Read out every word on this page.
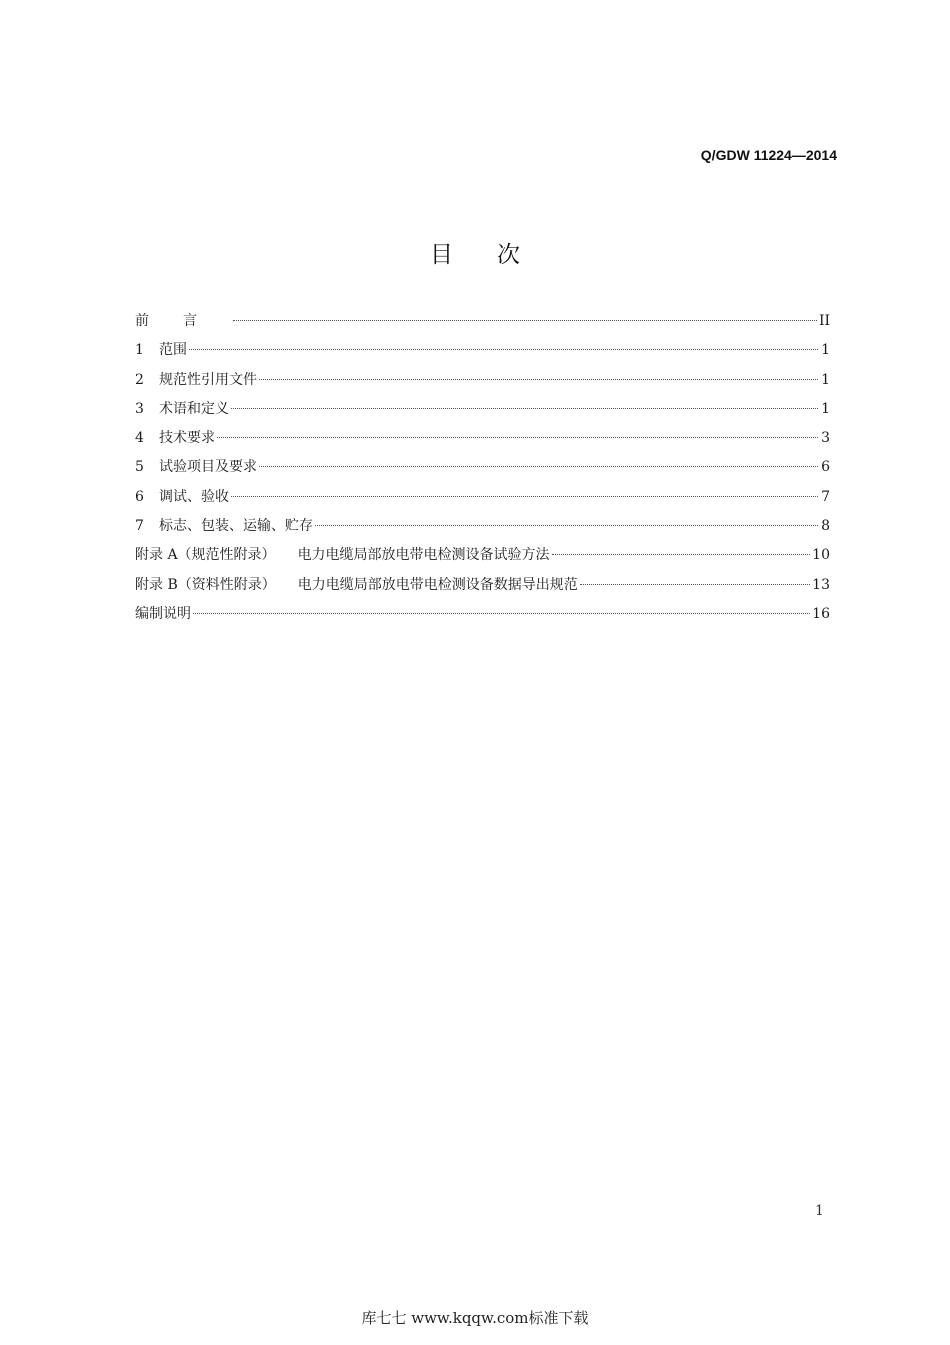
Q/GDW 11224—2014
目次
前言	II
1	范围	1
2	规范性引用文件	1
3	术语和定义	1
4	技术要求	3
5	试验项目及要求	6
6	调试、验收	7
7	标志、包装、运输、贮存	8
附录 A（规范性附录） 电力电缆局部放电带电检测设备试验方法	10
附录 B（资料性附录） 电力电缆局部放电带电检测设备数据导出规范	13
编制说明	16
1
库七七 www.kqqw.com标准下载
